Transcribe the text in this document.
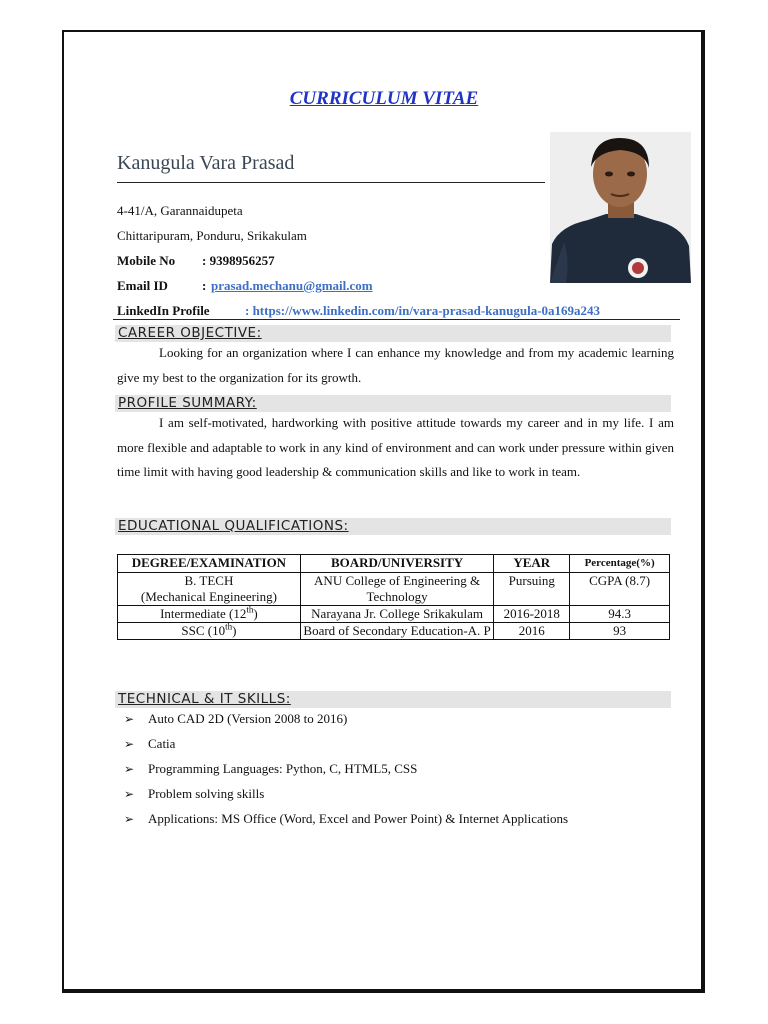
CURRICULUM VITAE
Kanugula Vara Prasad
4-41/A, Garannaidupeta
Chittaripuram, Ponduru, Srikakulam
Mobile No : 9398956257
Email ID	: prasad.mechanu@gmail.com
LinkedIn Profile	: https://www.linkedin.com/in/vara-prasad-kanugula-0a169a243
CAREER OBJECTIVE:
Looking for an organization where I can enhance my knowledge and from my academic learning give my best to the organization for its growth.
PROFILE SUMMARY:
I am self-motivated, hardworking with positive attitude towards my career and in my life. I am more flexible and adaptable to work in any kind of environment and can work under pressure within given time limit with having good leadership & communication skills and like to work in team.
EDUCATIONAL QUALIFICATIONS:
DEGREE/EXAMINATION	BOARD/UNIVERSITY	YEAR	Percentage(%)
B. TECH
(Mechanical Engineering)	ANU College of Engineering & Technology	Pursuing	CGPA (8.7)
Intermediate (12th)	Narayana Jr. College Srikakulam	2016-2018	94.3
SSC (10th)	Board of Secondary Education-A. P	2016	93
TECHNICAL & IT SKILLS:
➢ Auto CAD 2D (Version 2008 to 2016)
➢ Catia
➢ Programming Languages: Python, C, HTML5, CSS
➢ Problem solving skills
➢ Applications: MS Office (Word, Excel and Power Point) & Internet Applications
